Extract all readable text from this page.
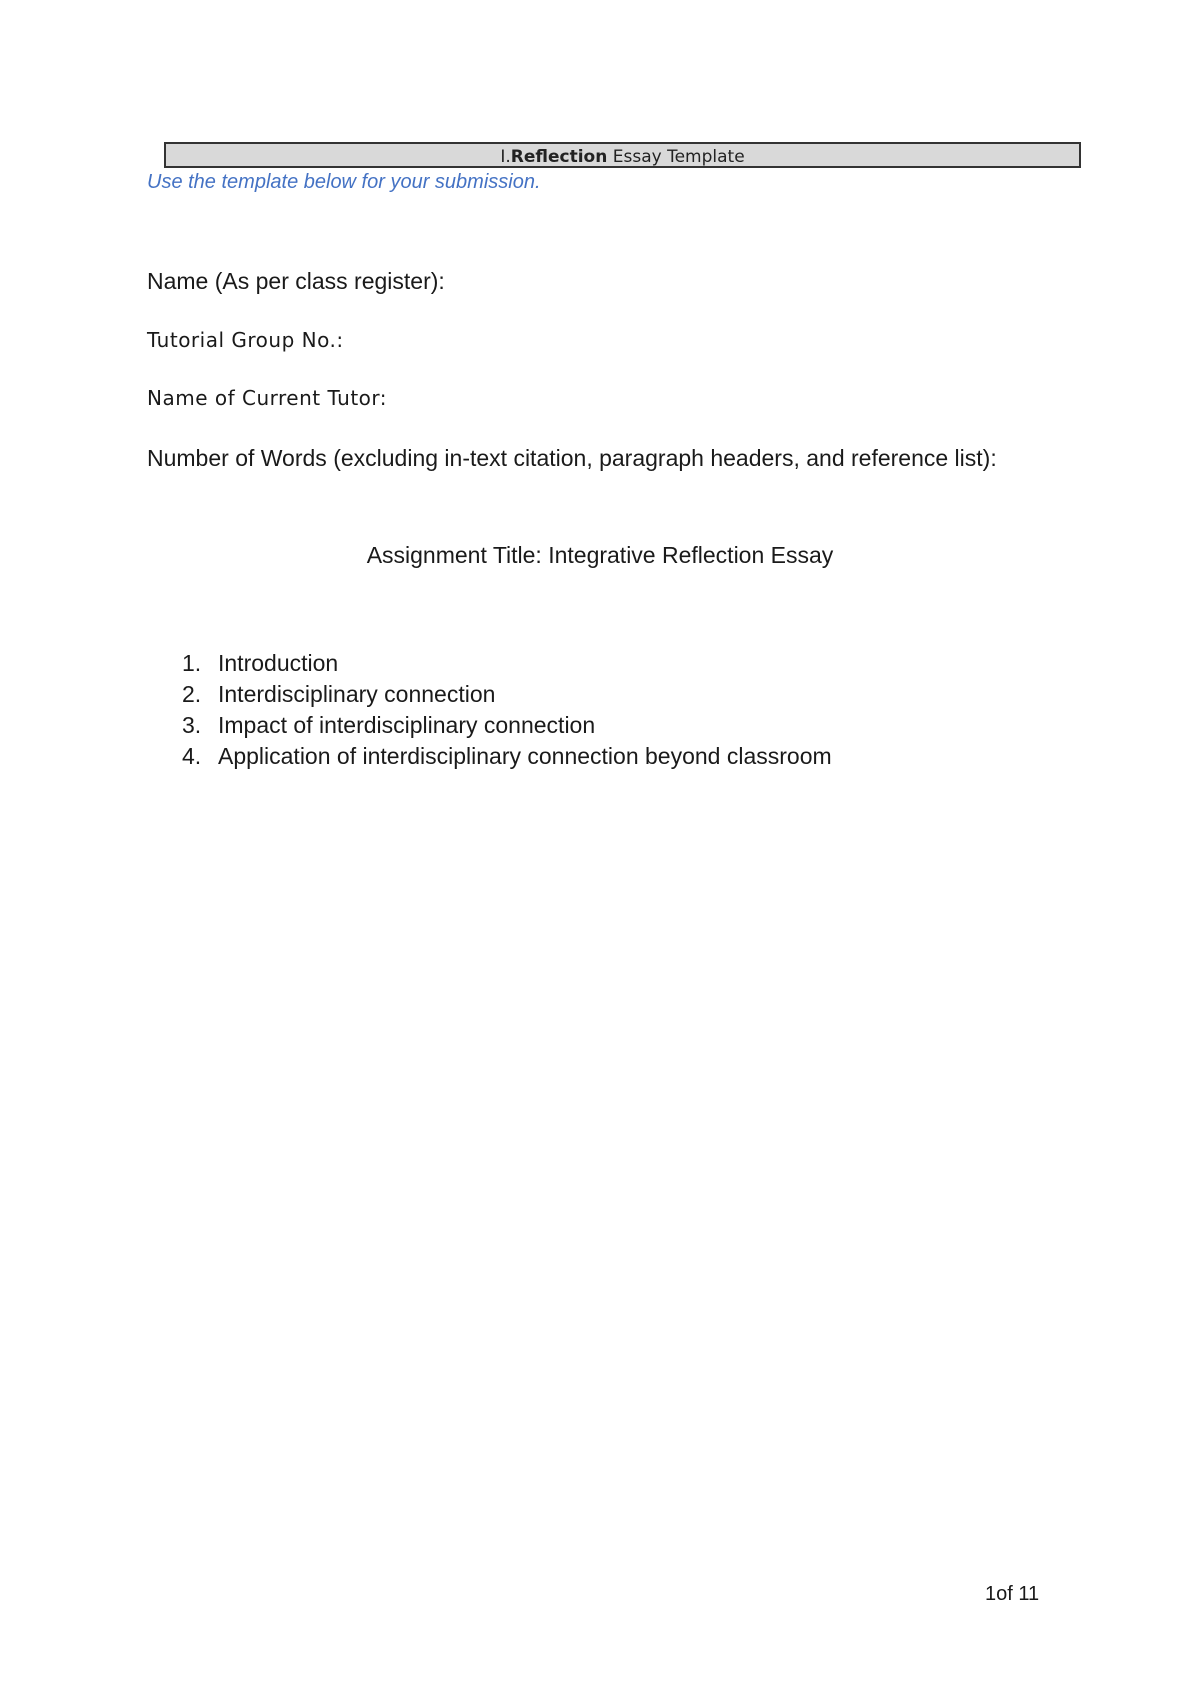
I.Reflection Essay Template
Use the template below for your submission.
Name (As per class register):
Tutorial Group No.:
Name of Current Tutor:
Number of Words (excluding in-text citation, paragraph headers, and reference list):
Assignment Title: Integrative Reflection Essay
1. Introduction
2. Interdisciplinary connection
3. Impact of interdisciplinary connection
4. Application of interdisciplinary connection beyond classroom
1of 11
